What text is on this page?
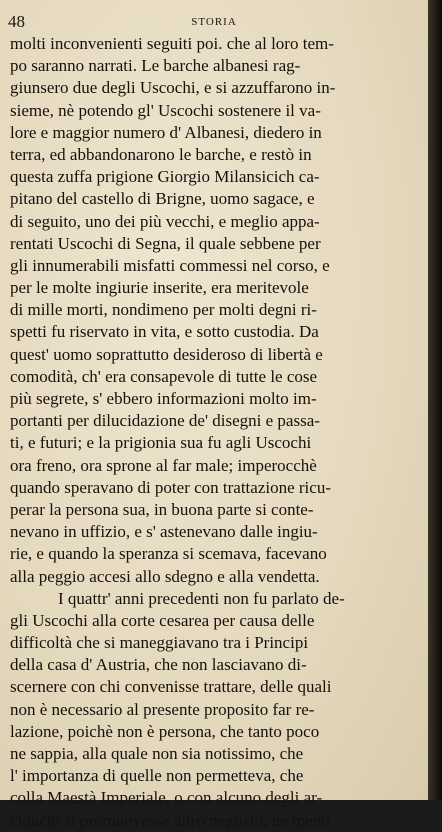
48	STORIA
molti inconvenienti seguiti poi. che al loro tem-
po saranno narrati. Le barche albanesi rag-
giunsero due degli Uscochi, e si azzuffarono in-
sieme, nè potendo gl' Uscochi sostenere il va-
lore e maggior numero d' Albanesi, diedero in
terra, ed abbandonarono le barche, e restò in
questa zuffa prigione Giorgio Milansicich ca-
pitano del castello di Brigne, uomo sagace, e
di seguito, uno dei più vecchi, e meglio appa-
rentati Uscochi di Segna, il quale sebbene per
gli innumerabili misfatti commessi nel corso, e
per le molte ingiurie inserite, era meritevole
di mille morti, nondimeno per molti degni ri-
spetti fu riservato in vita, e sotto custodia. Da
quest' uomo soprattutto desideroso di libertà e
comodità, ch' era consapevole di tutte le cose
più segrete, s' ebbero informazioni molto im-
portanti per dilucidazione de' disegni e passa-
ti, e futuri; e la prigionia sua fu agli Uscochi
ora freno, ora sprone al far male; imperocchè
quando speravano di poter con trattazione ricu-
perar la persona sua, in buona parte si conte-
nevano in uffizio, e s' astenevano dalle ingiu-
rie, e quando la speranza si scemava, facevano
alla peggio accesi allo sdegno e alla vendetta.
I quattr' anni precedenti non fu parlato de-
gli Uscochi alla corte cesarea per causa delle
difficoltà che si maneggiavano tra i Principi
della casa d' Austria, che non lasciavano di-
scernere con chi convenisse trattare, delle quali
non è necessario al presente proposito far re-
lazione, poichè non è persona, che tanto poco
ne sappia, alla quale non sia notissimo, che
l' importanza di quelle non permetteva, che
colla Maestà Imperiale, o con alcuno degli ar-
ciduchi si promuovesse altro negozio, nè meno
